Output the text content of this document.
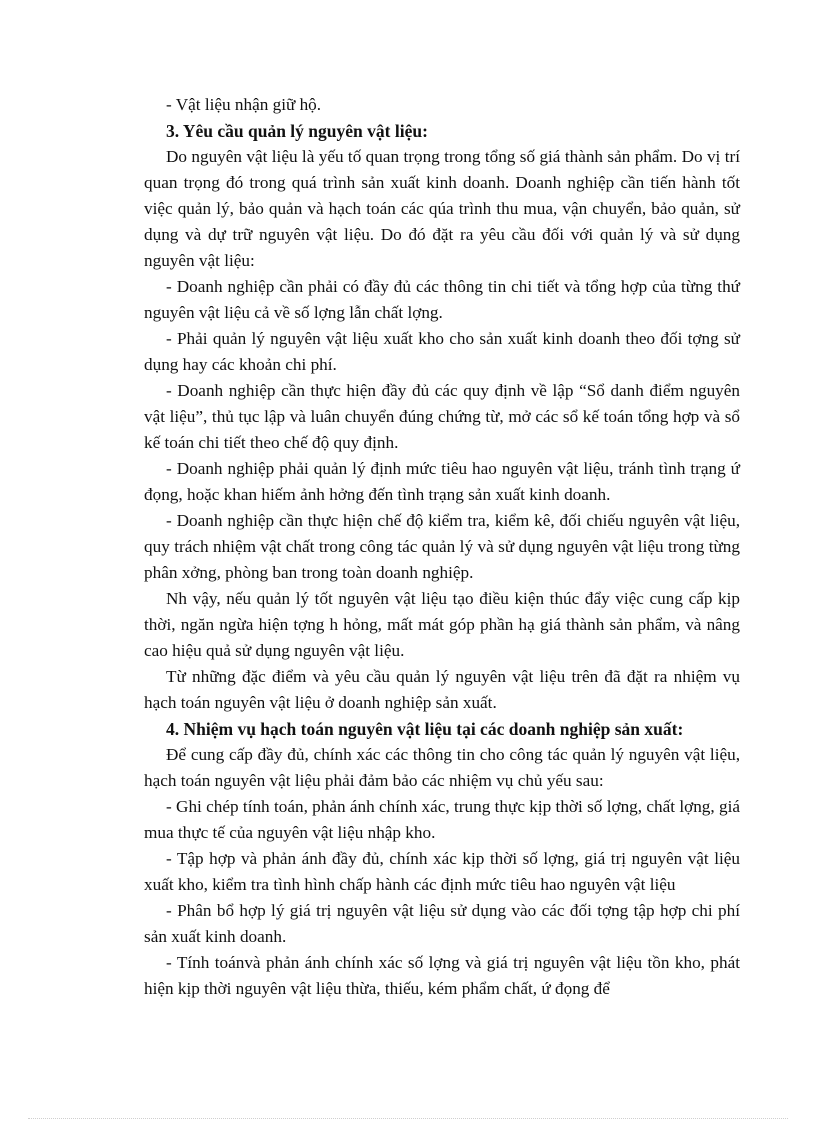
- Vật liệu nhận giữ hộ.

3. Yêu cầu quản lý nguyên vật liệu:

Do nguyên vật liệu là yếu tố quan trọng trong tổng số giá thành sản phẩm. Do vị trí quan trọng đó trong quá trình sản xuất kinh doanh. Doanh nghiệp cần tiến hành tốt việc quản lý, bảo quản và hạch toán các qúa trình thu mua, vận chuyển, bảo quản, sử dụng và dự trữ nguyên vật liệu. Do đó đặt ra yêu cầu đối với quản lý và sử dụng nguyên vật liệu:

- Doanh nghiệp cần phải có đầy đủ các thông tin chi tiết và tổng hợp của từng thứ nguyên vật liệu cả về số lợng lẫn chất lợng.

- Phải quản lý nguyên vật liệu xuất kho cho sản xuất kinh doanh theo đối tợng sử dụng hay các khoản chi phí.

- Doanh nghiệp cần thực hiện đầy đủ các quy định về lập “Sổ danh điểm nguyên vật liệu”, thủ tục lập và luân chuyển đúng chứng từ, mở các sổ kế toán tổng hợp và sổ kế toán chi tiết theo chế độ quy định.

- Doanh nghiệp phải quản lý định mức tiêu hao nguyên vật liệu, tránh tình trạng ứ đọng, hoặc khan hiếm ảnh hởng đến tình trạng sản xuất kinh doanh.

- Doanh nghiệp cần thực hiện chế độ kiểm tra, kiểm kê, đối chiếu nguyên vật liệu, quy trách nhiệm vật chất trong công tác quản lý và sử dụng nguyên vật liệu trong từng phân xởng, phòng ban trong toàn doanh nghiệp.

Nh vậy, nếu quản lý tốt nguyên vật liệu tạo điều kiện thúc đẩy việc cung cấp kịp thời, ngăn ngừa hiện tợng h hỏng, mất mát góp phần hạ giá thành sản phẩm, và nâng cao hiệu quả sử dụng nguyên vật liệu.

Từ những đặc điểm và yêu cầu quản lý nguyên vật liệu trên đã đặt ra nhiệm vụ hạch toán nguyên vật liệu ở doanh nghiệp sản xuất.

4. Nhiệm vụ hạch toán nguyên vật liệu tại các doanh nghiệp sản xuất:

Để cung cấp đầy đủ, chính xác các thông tin cho công tác quản lý nguyên vật liệu, hạch toán nguyên vật liệu phải đảm bảo các nhiệm vụ chủ yếu sau:

- Ghi chép tính toán, phản ánh chính xác, trung thực kịp thời số lợng, chất lợng, giá mua thực tế của nguyên vật liệu nhập kho.

- Tập hợp và phản ánh đầy đủ, chính xác kịp thời số lợng, giá trị nguyên vật liệu xuất kho, kiểm tra tình hình chấp hành các định mức tiêu hao nguyên vật liệu

- Phân bổ hợp lý giá trị nguyên vật liệu sử dụng vào các đối tợng tập hợp chi phí sản xuất kinh doanh.

- Tính toánvà phản ánh chính xác số lợng và giá trị nguyên vật liệu tồn kho, phát hiện kịp thời nguyên vật liệu thừa, thiếu, kém phẩm chất, ứ đọng để
